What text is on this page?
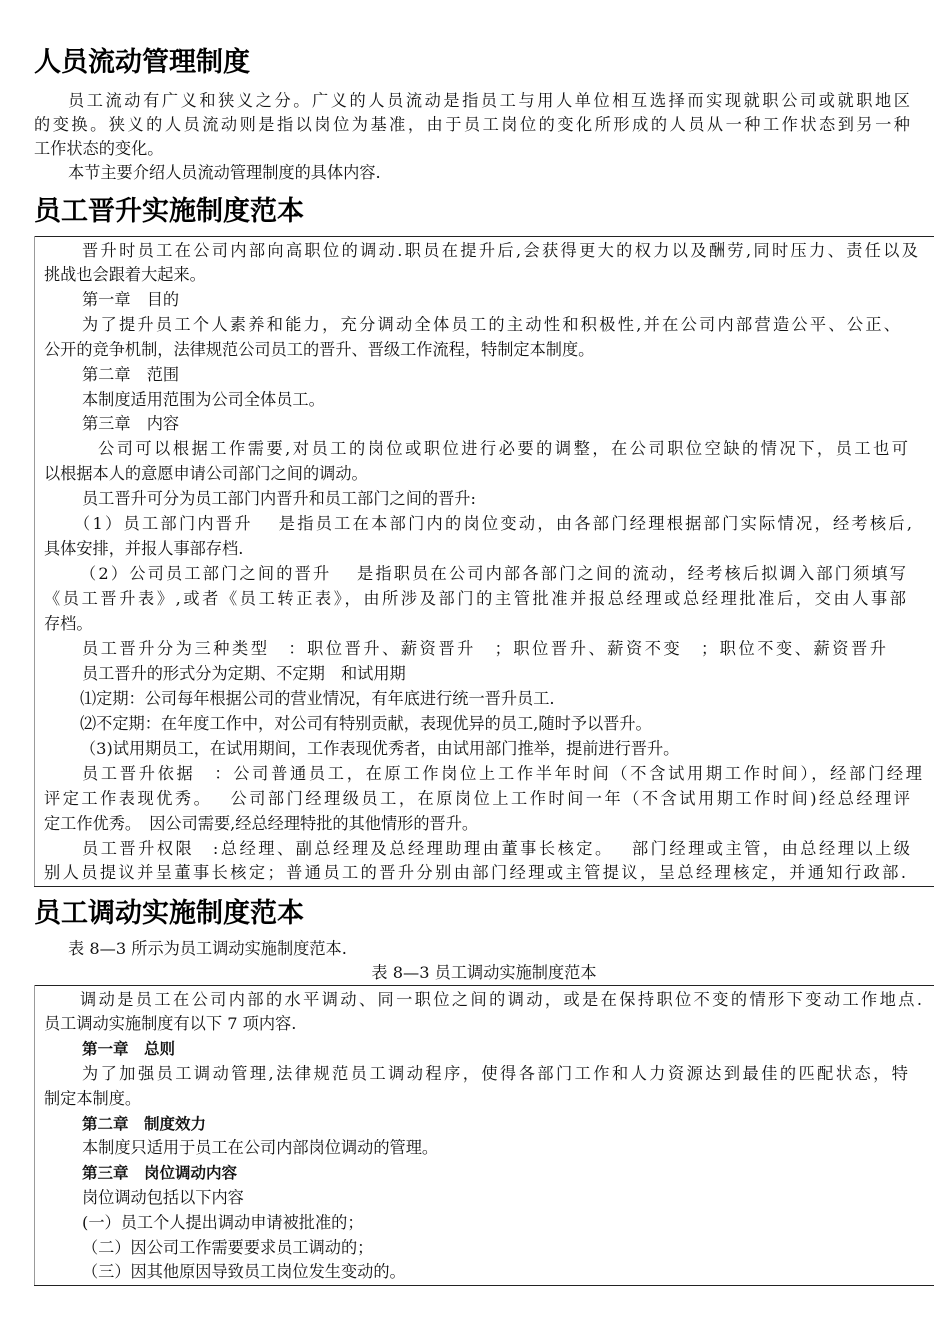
人员流动管理制度
员工流动有广义和狭义之分。广义的人员流动是指员工与用人单位相互选择而实现就职公司或就职地区
的变换。狭义的人员流动则是指以岗位为基准，由于员工岗位的变化所形成的人员从一种工作状态到另一种
工作状态的变化。
本节主要介绍人员流动管理制度的具体内容.
员工晋升实施制度范本
晋升时员工在公司内部向高职位的调动.职员在提升后,会获得更大的权力以及酬劳,同时压力、责任以及
挑战也会跟着大起来。
第一章　目的
为了提升员工个人素养和能力，充分调动全体员工的主动性和积极性,并在公司内部营造公平、公正、
公开的竞争机制，法律规范公司员工的晋升、晋级工作流程，特制定本制度。
第二章　范围
本制度适用范围为公司全体员工。
第三章　内容
公司可以根据工作需要,对员工的岗位或职位进行必要的调整，在公司职位空缺的情况下，员工也可
以根据本人的意愿申请公司部门之间的调动。
员工晋升可分为员工部门内晋升和员工部门之间的晋升:
（1）员工部门内晋升　 是指员工在本部门内的岗位变动，由各部门经理根据部门实际情况，经考核后,
具体安排，并报人事部存档.
（2）公司员工部门之间的晋升　 是指职员在公司内部各部门之间的流动，经考核后拟调入部门须填写
《员工晋升表》,或者《员工转正表》，由所涉及部门的主管批准并报总经理或总经理批准后，交由人事部
存档。
员工晋升分为三种类型　：职位晋升、薪资晋升　；职位晋升、薪资不变　；职位不变、薪资晋升
员工晋升的形式分为定期、不定期　和试用期
⑴定期：公司每年根据公司的营业情况，有年底进行统一晋升员工.
⑵不定期：在年度工作中，对公司有特别贡献，表现优异的员工,随时予以晋升。
（3)试用期员工，在试用期间，工作表现优秀者，由试用部门推举，提前进行晋升。
员工晋升依据　：公司普通员工，在原工作岗位上工作半年时间（不含试用期工作时间），经部门经理
评定工作表现优秀。　 公司部门经理级员工，在原岗位上工作时间一年（不含试用期工作时间)经总经理评
定工作优秀。　因公司需要,经总经理特批的其他情形的晋升。
员工晋升权限　:总经理、副总经理及总经理助理由董事长核定。　 部门经理或主管，由总经理以上级
别人员提议并呈董事长核定；普通员工的晋升分别由部门经理或主管提议，呈总经理核定，并通知行政部.
员工调动实施制度范本
表 8—3 所示为员工调动实施制度范本.
表 8—3 员工调动实施制度范本
调动是员工在公司内部的水平调动、同一职位之间的调动，或是在保持职位不变的情形下变动工作地点.
员工调动实施制度有以下 7 项内容.
第一章　总则
为了加强员工调动管理,法律规范员工调动程序，使得各部门工作和人力资源达到最佳的匹配状态，特
制定本制度。
第二章　制度效力
本制度只适用于员工在公司内部岗位调动的管理。
第三章　岗位调动内容
岗位调动包括以下内容
(一）员工个人提出调动申请被批准的；
（二）因公司工作需要要求员工调动的；
（三）因其他原因导致员工岗位发生变动的。
